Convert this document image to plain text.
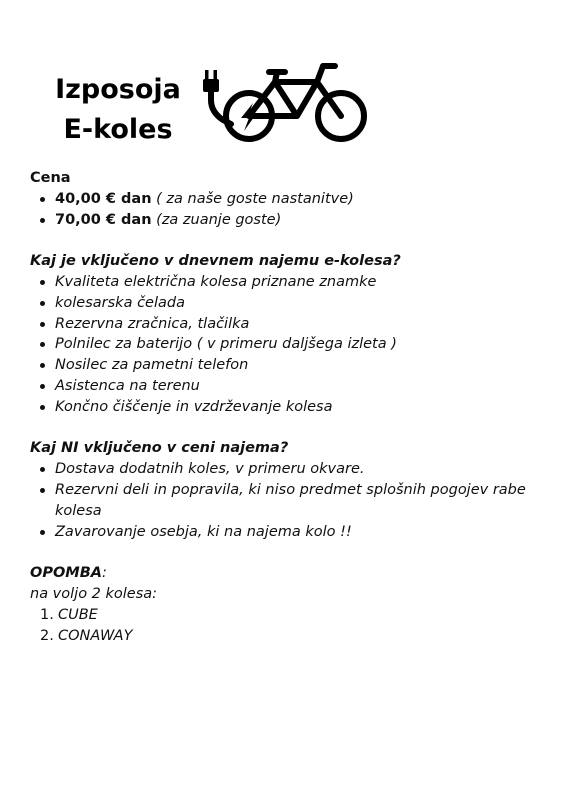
Izposoja
E-koles
Cena
40,00 € dan ( za naše goste nastanitve)
70,00 € dan (za zuanje goste)
Kaj je vključeno v dnevnem najemu e-kolesa?
Kvaliteta električna kolesa priznane znamke
kolesarska čelada
Rezervna zračnica, tlačilka
Polnilec za baterijo ( v primeru daljšega izleta )
Nosilec za pametni telefon
Asistenca na terenu
Končno čiščenje in vzdrževanje kolesa
Kaj NI vključeno v ceni najema?
Dostava dodatnih koles, v primeru okvare.
Rezervni deli in popravila, ki niso predmet splošnih pogojev rabe kolesa
Zavarovanje osebja, ki na najema kolo !!
OPOMBA:
na voljo 2 kolesa:
1. CUBE
2. CONAWAY
